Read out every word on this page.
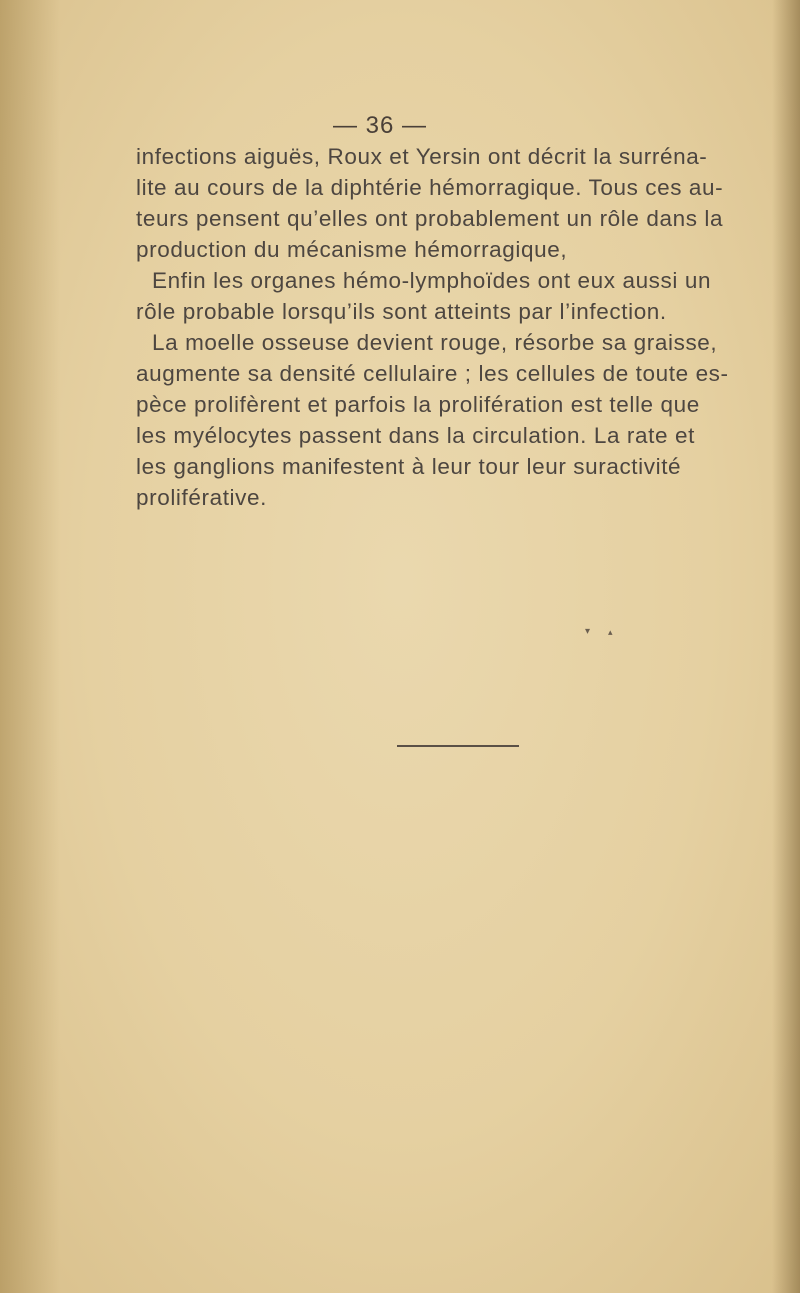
— 36 —
infections aiguës, Roux et Yersin ont décrit la surréna-
lite au cours de la diphtérie hémorragique. Tous ces au-
teurs pensent qu’elles ont probablement un rôle dans la
production du mécanisme hémorragique,
Enfin les organes hémo-lymphoïdes ont eux aussi un
rôle probable lorsqu’ils sont atteints par l’infection.
La moelle osseuse devient rouge, résorbe sa graisse,
augmente sa densité cellulaire ; les cellules de toute es-
pèce prolifèrent et parfois la prolifération est telle que
les myélocytes passent dans la circulation. La rate et
les ganglions manifestent à leur tour leur suractivité
proliférative.
▾ ▴
